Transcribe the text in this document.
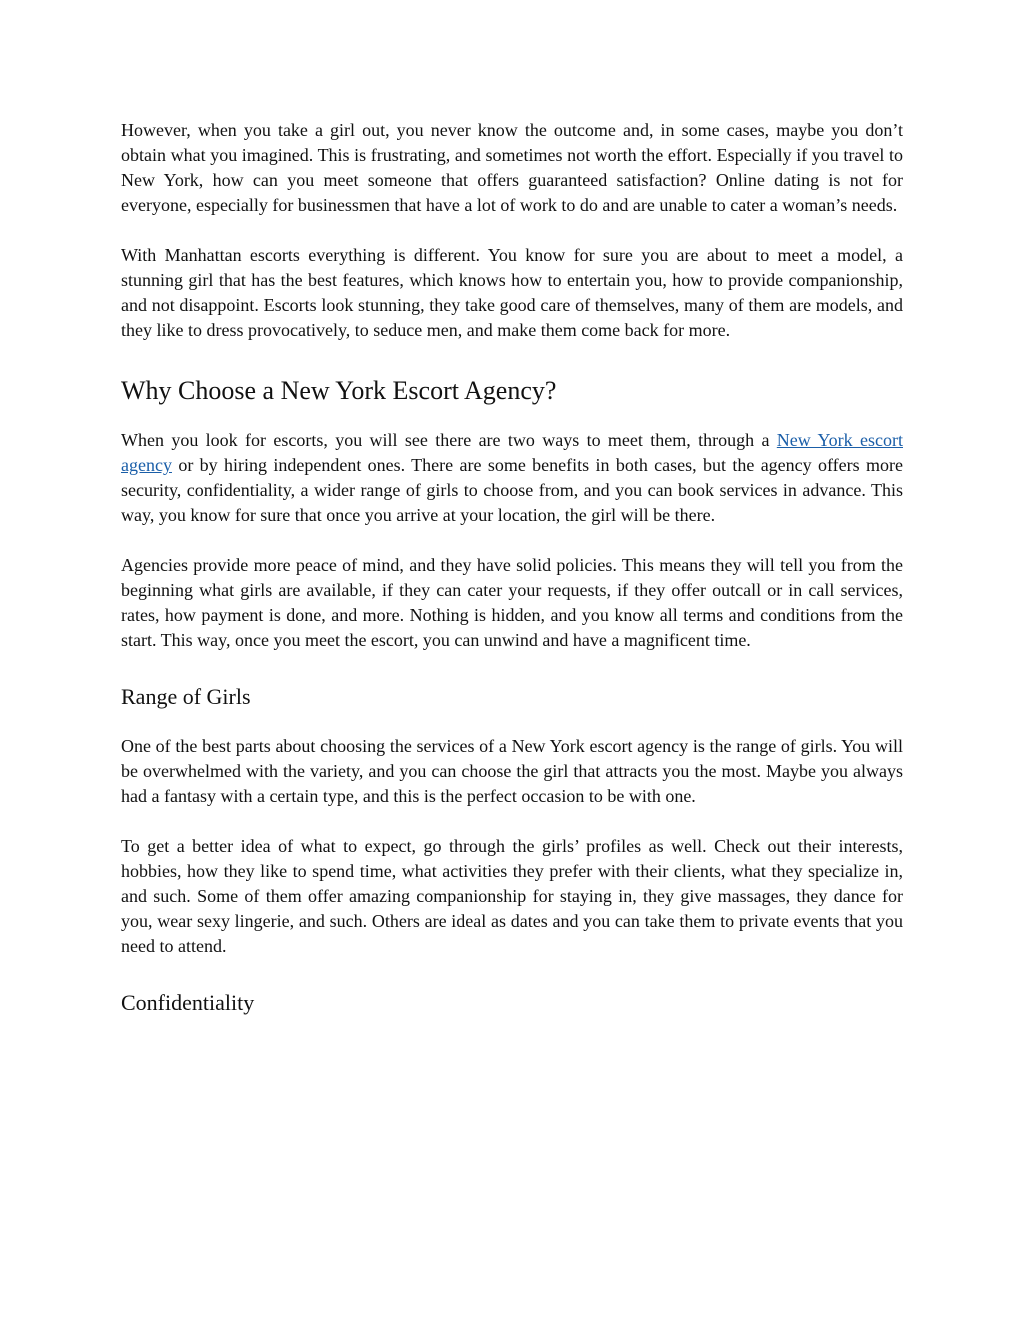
However, when you take a girl out, you never know the outcome and, in some cases, maybe you don’t obtain what you imagined. This is frustrating, and sometimes not worth the effort. Especially if you travel to New York, how can you meet someone that offers guaranteed satisfaction? Online dating is not for everyone, especially for businessmen that have a lot of work to do and are unable to cater a woman’s needs.

With Manhattan escorts everything is different. You know for sure you are about to meet a model, a stunning girl that has the best features, which knows how to entertain you, how to provide companionship, and not disappoint. Escorts look stunning, they take good care of themselves, many of them are models, and they like to dress provocatively, to seduce men, and make them come back for more.

Why Choose a New York Escort Agency?

When you look for escorts, you will see there are two ways to meet them, through a New York escort agency or by hiring independent ones. There are some benefits in both cases, but the agency offers more security, confidentiality, a wider range of girls to choose from, and you can book services in advance. This way, you know for sure that once you arrive at your location, the girl will be there.

Agencies provide more peace of mind, and they have solid policies. This means they will tell you from the beginning what girls are available, if they can cater your requests, if they offer outcall or in call services, rates, how payment is done, and more. Nothing is hidden, and you know all terms and conditions from the start. This way, once you meet the escort, you can unwind and have a magnificent time.

Range of Girls

One of the best parts about choosing the services of a New York escort agency is the range of girls. You will be overwhelmed with the variety, and you can choose the girl that attracts you the most. Maybe you always had a fantasy with a certain type, and this is the perfect occasion to be with one.

To get a better idea of what to expect, go through the girls’ profiles as well. Check out their interests, hobbies, how they like to spend time, what activities they prefer with their clients, what they specialize in, and such. Some of them offer amazing companionship for staying in, they give massages, they dance for you, wear sexy lingerie, and such. Others are ideal as dates and you can take them to private events that you need to attend.

Confidentiality
